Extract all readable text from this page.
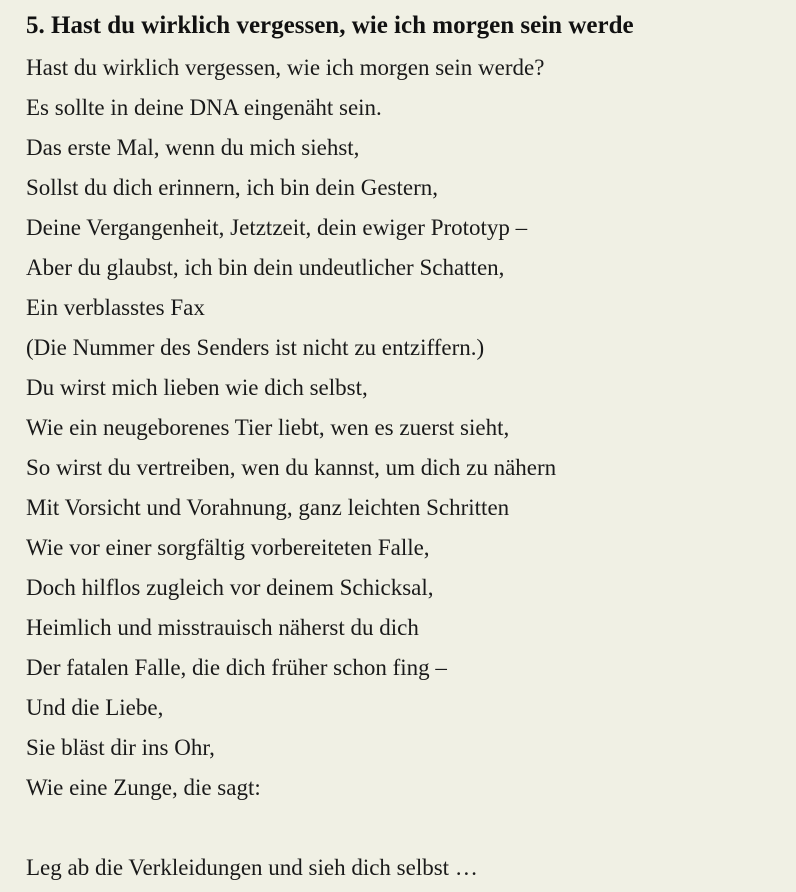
5. Hast du wirklich vergessen, wie ich morgen sein werde
Hast du wirklich vergessen, wie ich morgen sein werde?
Es sollte in deine DNA eingenäht sein.
Das erste Mal, wenn du mich siehst,
Sollst du dich erinnern, ich bin dein Gestern,
Deine Vergangenheit, Jetztzeit, dein ewiger Prototyp –
Aber du glaubst, ich bin dein undeutlicher Schatten,
Ein verblasstes Fax
(Die Nummer des Senders ist nicht zu entziffern.)
Du wirst mich lieben wie dich selbst,
Wie ein neugeborenes Tier liebt, wen es zuerst sieht,
So wirst du vertreiben, wen du kannst, um dich zu nähern
Mit Vorsicht und Vorahnung, ganz leichten Schritten
Wie vor einer sorgfältig vorbereiteten Falle,
Doch hilflos zugleich vor deinem Schicksal,
Heimlich und misstrauisch näherst du dich
Der fatalen Falle, die dich früher schon fing –
Und die Liebe,
Sie bläst dir ins Ohr,
Wie eine Zunge, die sagt:
Leg ab die Verkleidungen und sieh dich selbst …
